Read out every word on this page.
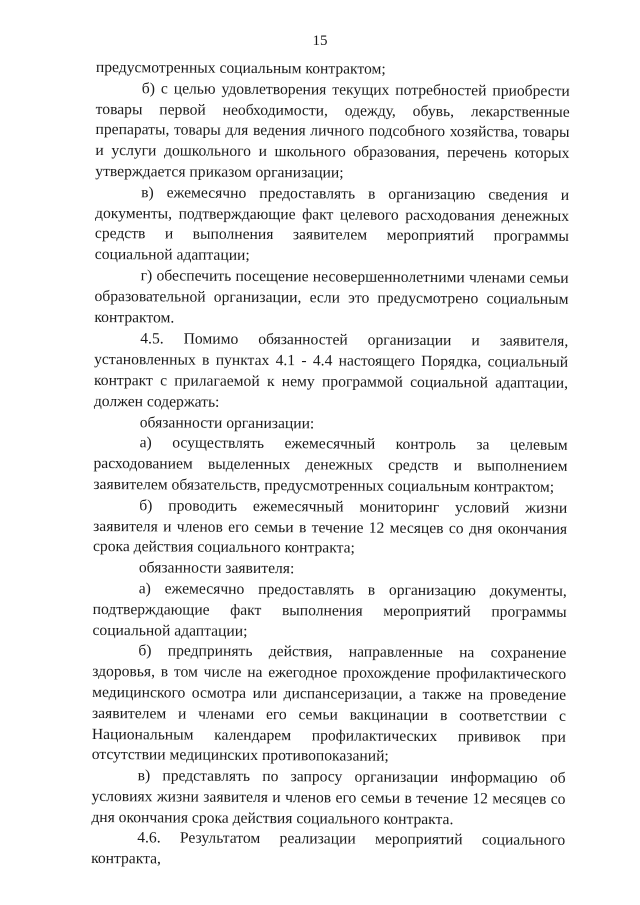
15

предусмотренных социальным контрактом;

б) с целью удовлетворения текущих потребностей приобрести товары первой необходимости, одежду, обувь, лекарственные препараты, товары для ведения личного подсобного хозяйства, товары и услуги дошкольного и школьного образования, перечень которых утверждается приказом организации;

в) ежемесячно предоставлять в организацию сведения и документы, подтверждающие факт целевого расходования денежных средств и выполнения заявителем мероприятий программы социальной адаптации;

г) обеспечить посещение несовершеннолетними членами семьи образовательной организации, если это предусмотрено социальным контрактом.

4.5. Помимо обязанностей организации и заявителя, установленных в пунктах 4.1 - 4.4 настоящего Порядка, социальный контракт с прилагаемой к нему программой социальной адаптации, должен содержать:

обязанности организации:

а) осуществлять ежемесячный контроль за целевым расходованием выделенных денежных средств и выполнением заявителем обязательств, предусмотренных социальным контрактом;

б) проводить ежемесячный мониторинг условий жизни заявителя и членов его семьи в течение 12 месяцев со дня окончания срока действия социального контракта;

обязанности заявителя:

а) ежемесячно предоставлять в организацию документы, подтверждающие факт выполнения мероприятий программы социальной адаптации;

б) предпринять действия, направленные на сохранение здоровья, в том числе на ежегодное прохождение профилактического медицинского осмотра или диспансеризации, а также на проведение заявителем и членами его семьи вакцинации в соответствии с Национальным календарем профилактических прививок при отсутствии медицинских противопоказаний;

в) представлять по запросу организации информацию об условиях жизни заявителя и членов его семьи в течение 12 месяцев со дня окончания срока действия социального контракта.

4.6. Результатом реализации мероприятий социального контракта,
